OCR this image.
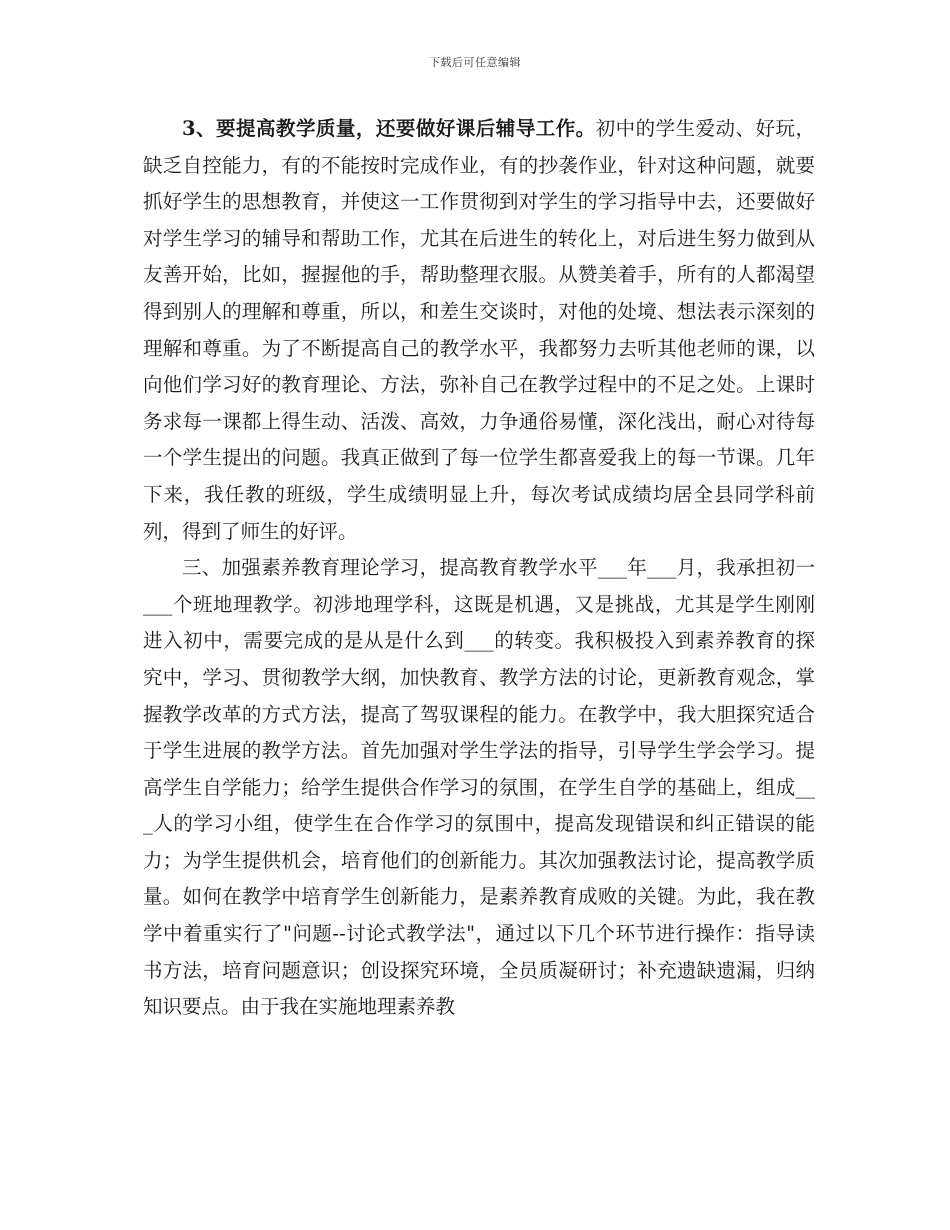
下载后可任意编辑

3、要提高教学质量，还要做好课后辅导工作。初中的学生爱动、好玩，缺乏自控能力，有的不能按时完成作业，有的抄袭作业，针对这种问题，就要抓好学生的思想教育，并使这一工作贯彻到对学生的学习指导中去，还要做好对学生学习的辅导和帮助工作，尤其在后进生的转化上，对后进生努力做到从友善开始，比如，握握他的手，帮助整理衣服。从赞美着手，所有的人都渴望得到别人的理解和尊重，所以，和差生交谈时，对他的处境、想法表示深刻的理解和尊重。为了不断提高自己的教学水平，我都努力去听其他老师的课，以向他们学习好的教育理论、方法，弥补自己在教学过程中的不足之处。上课时务求每一课都上得生动、活泼、高效，力争通俗易懂，深化浅出，耐心对待每一个学生提出的问题。我真正做到了每一位学生都喜爱我上的每一节课。几年下来，我任教的班级，学生成绩明显上升，每次考试成绩均居全县同学科前列，得到了师生的好评。

三、加强素养教育理论学习，提高教育教学水平___年___月，我承担初一___个班地理教学。初涉地理学科，这既是机遇，又是挑战，尤其是学生刚刚进入初中，需要完成的是从是什么到___的转变。我积极投入到素养教育的探究中，学习、贯彻教学大纲，加快教育、教学方法的讨论，更新教育观念，掌握教学改革的方式方法，提高了驾驭课程的能力。在教学中，我大胆探究适合于学生进展的教学方法。首先加强对学生学法的指导，引导学生学会学习。提高学生自学能力；给学生提供合作学习的氛围，在学生自学的基础上，组成___人的学习小组，使学生在合作学习的氛围中，提高发现错误和纠正错误的能力；为学生提供机会，培育他们的创新能力。其次加强教法讨论，提高教学质量。如何在教学中培育学生创新能力，是素养教育成败的关键。为此，我在教学中着重实行了"问题--讨论式教学法"，通过以下几个环节进行操作：指导读书方法，培育问题意识；创设探究环境，全员质凝研讨；补充遗缺遗漏，归纳知识要点。由于我在实施地理素养教
